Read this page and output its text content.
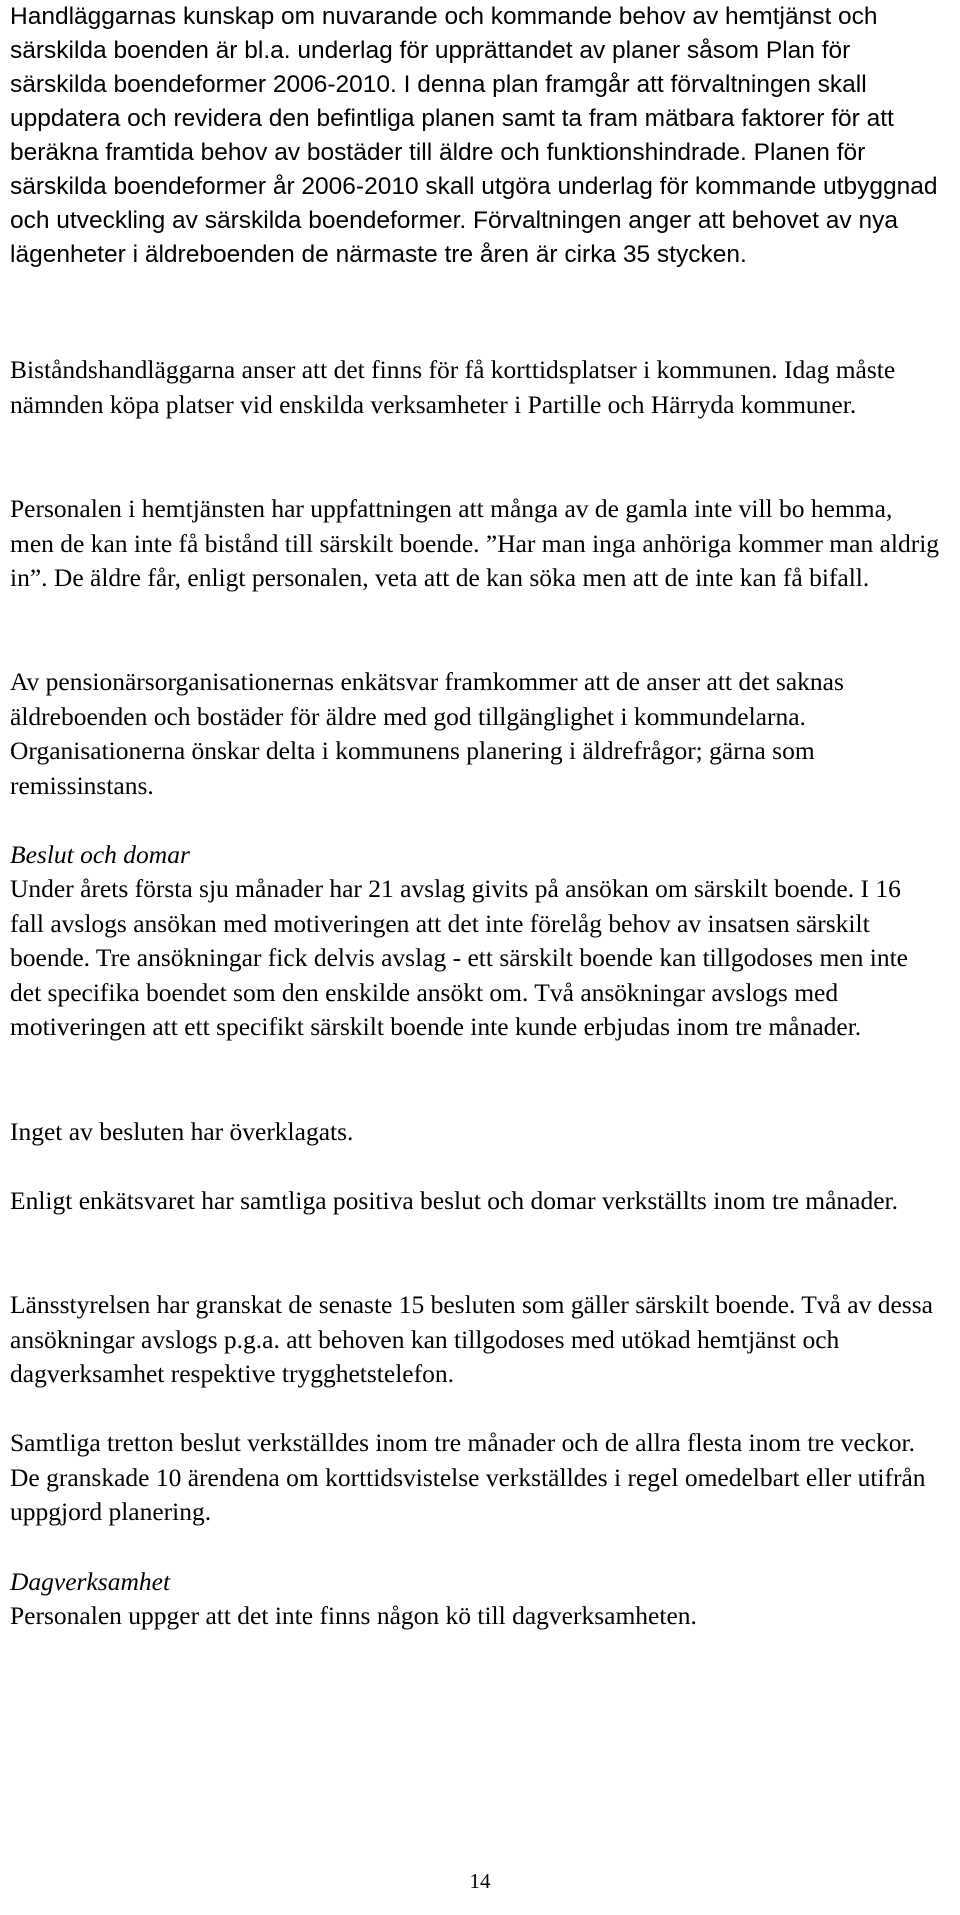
Handläggarnas kunskap om nuvarande och kommande behov av hemtjänst och särskilda boenden är bl.a. underlag för upprättandet av planer såsom Plan för särskilda boendeformer 2006-2010. I denna plan framgår att förvaltningen skall uppdatera och revidera den befintliga planen samt ta fram mätbara faktorer för att beräkna framtida behov av bostäder till äldre och funktionshindrade. Planen för särskilda boendeformer år 2006-2010 skall utgöra underlag för kommande utbyggnad och utveckling av särskilda boendeformer. Förvaltningen anger att behovet av nya lägenheter i äldreboenden de närmaste tre åren är cirka 35 stycken.

Biståndshandläggarna anser att det finns för få korttidsplatser i kommunen. Idag måste nämnden köpa platser vid enskilda verksamheter i Partille och Härryda kommuner.

Personalen i hemtjänsten har uppfattningen att många av de gamla inte vill bo hemma, men de kan inte få bistånd till särskilt boende. ”Har man inga anhöriga kommer man aldrig in”. De äldre får, enligt personalen, veta att de kan söka men att de inte kan få bifall.

Av pensionärsorganisationernas enkätsvar framkommer att de anser att det saknas äldreboenden och bostäder för äldre med god tillgänglighet i kommundelarna. Organisationerna önskar delta i kommunens planering i äldrefrågor; gärna som remissinstans.

Beslut och domar

Under årets första sju månader har 21 avslag givits på ansökan om särskilt boende. I 16 fall avslogs ansökan med motiveringen att det inte förelåg behov av insatsen särskilt boende. Tre ansökningar fick delvis avslag - ett särskilt boende kan tillgodoses men inte det specifika boendet som den enskilde ansökt om. Två ansökningar avslogs med motiveringen att ett specifikt särskilt boende inte kunde erbjudas inom tre månader.

Inget av besluten har överklagats.

Enligt enkätsvaret har samtliga positiva beslut och domar verkställts inom tre månader.

Länsstyrelsen har granskat de senaste 15 besluten som gäller särskilt boende. Två av dessa ansökningar avslogs p.g.a. att behoven kan tillgodoses med utökad hemtjänst och dagverksamhet respektive trygghetstelefon.

Samtliga tretton beslut verkställdes inom tre månader och de allra flesta inom tre veckor. De granskade 10 ärendena om korttidsvistelse verkställdes i regel omedelbart eller utifrån uppgjord planering.

Dagverksamhet

Personalen uppger att det inte finns någon kö till dagverksamheten.

14
